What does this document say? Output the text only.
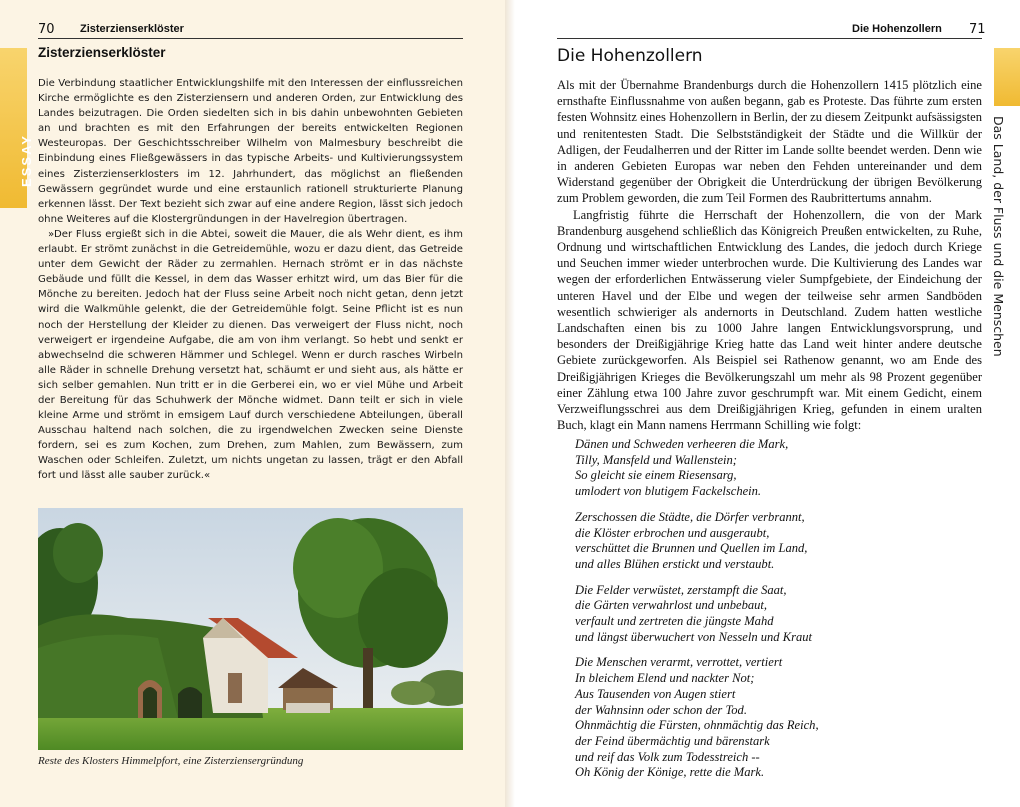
ESSAY
70 Zisterzienserklöster
Zisterzienserklöster

Die Verbindung staatlicher Entwicklungshilfe mit den Interessen der einflussreichen Kirche ermöglichte es den Zisterziensern und anderen Orden, zur Entwicklung des Landes beizutragen. Die Orden siedelten sich in bis dahin unbewohnten Gebieten an und brachten es mit den Erfahrungen der bereits entwickelten Regionen Westeuropas. Der Geschichtsschreiber Wilhelm von Malmesbury beschreibt die Einbindung eines Fließgewässers in das typische Arbeits- und Kultivierungssystem eines Zisterzienserklosters im 12. Jahrhundert, das möglichst an fließenden Gewässern gegründet wurde und eine erstaunlich rationell strukturierte Planung erkennen lässt. Der Text bezieht sich zwar auf eine andere Region, lässt sich jedoch ohne Weiteres auf die Klostergründungen in der Havelregion übertragen.

»Der Fluss ergießt sich in die Abtei, soweit die Mauer, die als Wehr dient, es ihm erlaubt. Er strömt zunächst in die Getreidemühle, wozu er dazu dient, das Getreide unter dem Gewicht der Räder zu zermahlen. Hernach strömt er in das nächste Gebäude und füllt die Kessel, in dem das Wasser erhitzt wird, um das Bier für die Mönche zu bereiten. Jedoch hat der Fluss seine Arbeit noch nicht getan, denn jetzt wird die Walkmühle gelenkt, die der Getreidemühle folgt. Seine Pflicht ist es nun noch der Herstellung der Kleider zu dienen. Das verweigert der Fluss nicht, noch verweigert er irgendeine Aufgabe, die am von ihm verlangt. So hebt und senkt er abwechselnd die schweren Hämmer und Schlegel. Wenn er durch rasches Wirbeln alle Räder in schnelle Drehung versetzt hat, schäumt er und sieht aus, als hätte er sich selber gemahlen. Nun tritt er in die Gerberei ein, wo er viel Mühe und Arbeit der Bereitung für das Schuhwerk der Mönche widmet. Dann teilt er sich in viele kleine Arme und strömt in emsigem Lauf durch verschiedene Abteilungen, überall Ausschau haltend nach solchen, die zu irgendwelchen Zwecken seine Dienste fordern, sei es zum Kochen, zum Drehen, zum Mahlen, zum Bewässern, zum Waschen oder Schleifen. Zuletzt, um nichts ungetan zu lassen, trägt er den Abfall fort und lässt alle sauber zurück.«

Reste des Klosters Himmelpfort, eine Zisterziensergründung
Die Hohenzollern 71
Das Land, der Fluss und die Menschen
Die Hohenzollern

Als mit der Übernahme Brandenburgs durch die Hohenzollern 1415 plötzlich eine ernsthafte Einflussnahme von außen begann, gab es Proteste. Das führte zum ersten festen Wohnsitz eines Hohenzollern in Berlin, der zu diesem Zeitpunkt aufsässigsten und renitentesten Stadt. Die Selbstständigkeit der Städte und die Willkür der Adligen, der Feudalherren und der Ritter im Lande sollte beendet werden. Denn wie in anderen Gebieten Europas war neben den Fehden untereinander und dem Widerstand gegenüber der Obrigkeit die Unterdrückung der übrigen Bevölkerung zum Problem geworden, die zum Teil Formen des Raubrittertums annahm.

Langfristig führte die Herrschaft der Hohenzollern, die von der Mark Brandenburg ausgehend schließlich das Königreich Preußen entwickelten, zu Ruhe, Ordnung und wirtschaftlichen Entwicklung des Landes, die jedoch durch Kriege und Seuchen immer wieder unterbrochen wurde. Die Kultivierung des Landes war wegen der erforderlichen Entwässerung vieler Sumpfgebiete, der Eindeichung der unteren Havel und der Elbe und wegen der teilweise sehr armen Sandböden wesentlich schwieriger als andernorts in Deutschland. Zudem hatten westliche Landschaften einen bis zu 1000 Jahre langen Entwicklungsvorsprung, und besonders der Dreißigjährige Krieg hatte das Land weit hinter andere deutsche Gebiete zurückgeworfen. Als Beispiel sei Rathenow genannt, wo am Ende des Dreißigjährigen Krieges die Bevölkerungszahl um mehr als 98 Prozent gegenüber einer Zählung etwa 100 Jahre zuvor geschrumpft war. Mit einem Gedicht, einem Verzweiflungsschrei aus dem Dreißigjährigen Krieg, gefunden in einem uralten Buch, klagt ein Mann namens Herrmann Schilling wie folgt:

Dänen und Schweden verheeren die Mark,
Tilly, Mansfeld und Wallenstein;
So gleicht sie einem Riesensarg,
umlodert von blutigem Fackelschein.
Zerschossen die Städte, die Dörfer verbrannt,
die Klöster erbrochen und ausgeraubt,
verschüttet die Brunnen und Quellen im Land,
und alles Blühen erstickt und verstaubt.
Die Felder verwüstet, zerstampft die Saat,
die Gärten verwahrlost und unbebaut,
verfault und zertreten die jüngste Mahd
und längst überwuchert von Nesseln und Kraut
Die Menschen verarmt, verrottet, vertiert
In bleichem Elend und nackter Not;
Aus Tausenden von Augen stiert
der Wahnsinn oder schon der Tod.
Ohnmächtig die Fürsten, ohnmächtig das Reich,
der Feind übermächtig und bärenstark
und reif das Volk zum Todesstreich --
Oh König der Könige, rette die Mark.
